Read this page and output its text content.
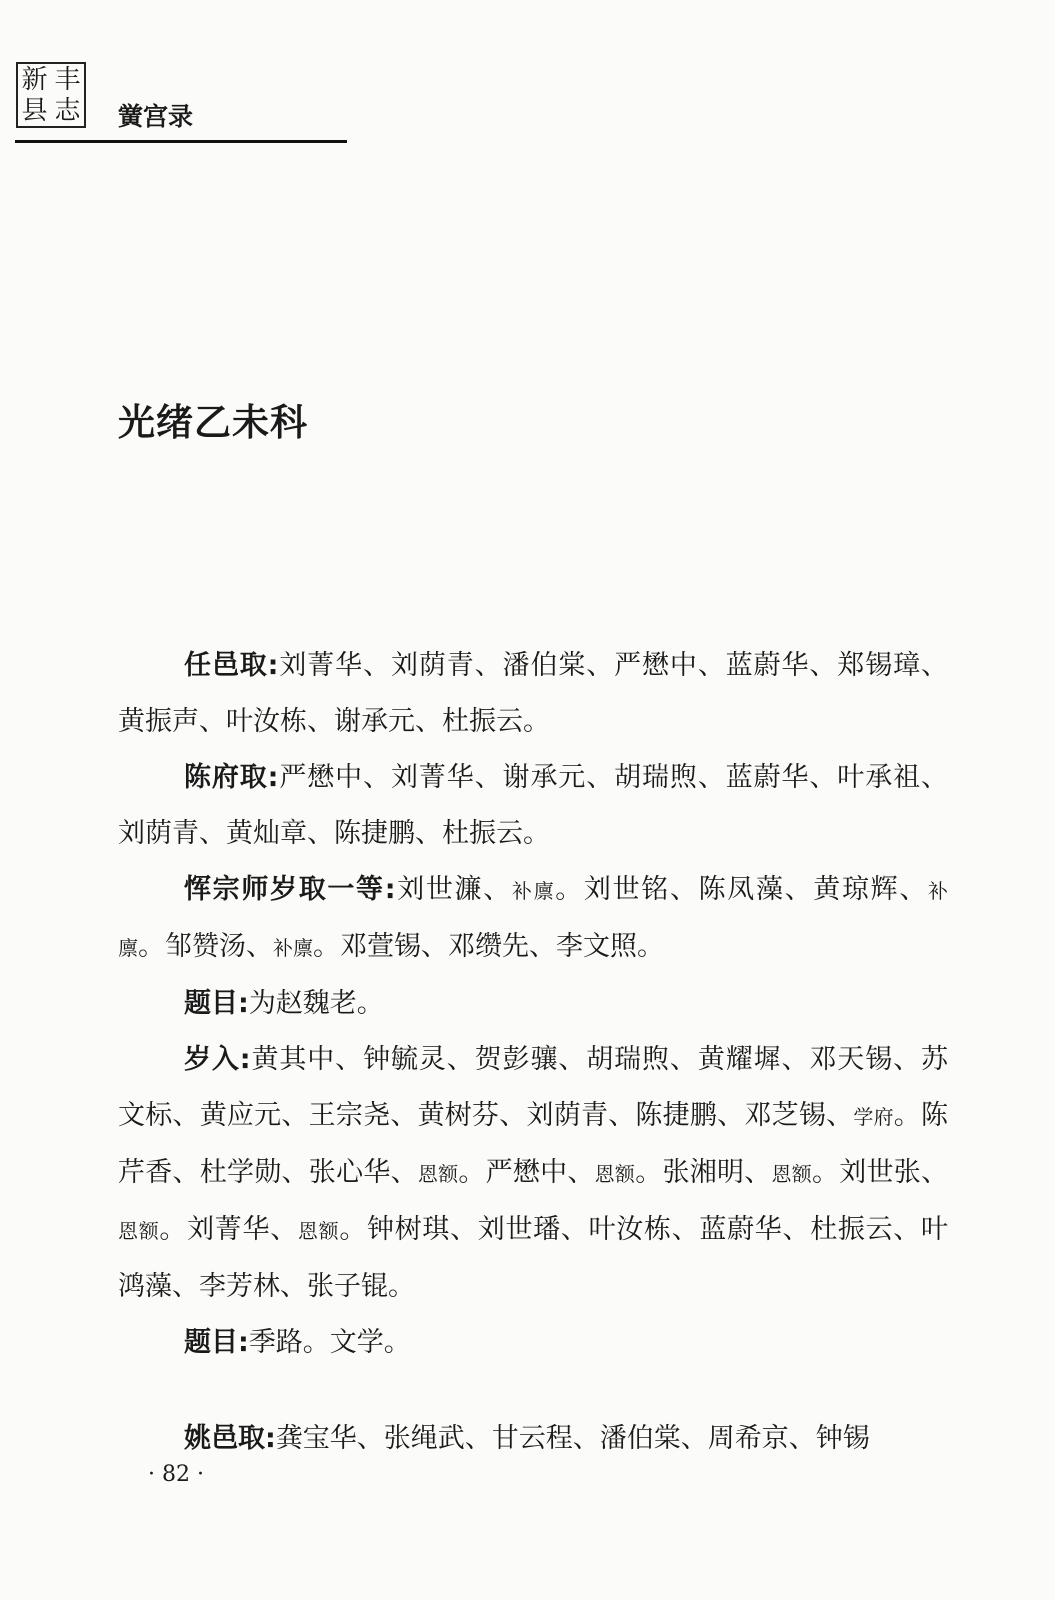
新 丰
县 志 黉宫录
光绪乙未科

任邑取:刘菁华、刘荫青、潘伯棠、严懋中、蓝蔚华、郑锡璋、黄振声、叶汝栋、谢承元、杜振云。

陈府取:严懋中、刘菁华、谢承元、胡瑞煦、蓝蔚华、叶承祖、刘荫青、黄灿章、陈捷鹏、杜振云。

恽宗师岁取一等:刘世濂、补廪。刘世铭、陈凤藻、黄琼辉、补廪。邹赞汤、补廪。邓萱锡、邓缵先、李文照。

题目:为赵魏老。

岁入:黄其中、钟毓灵、贺彭骧、胡瑞煦、黄耀墀、邓天锡、苏文标、黄应元、王宗尧、黄树芬、刘荫青、陈捷鹏、邓芝锡、学府。陈芹香、杜学勋、张心华、恩额。严懋中、恩额。张湘明、恩额。刘世张、恩额。刘菁华、恩额。钟树琪、刘世璠、叶汝栋、蓝蔚华、杜振云、叶鸿藻、李芳林、张子锟。

题目:季路。文学。

姚邑取:龚宝华、张绳武、甘云程、潘伯棠、周希京、钟锡

· 82 ·
